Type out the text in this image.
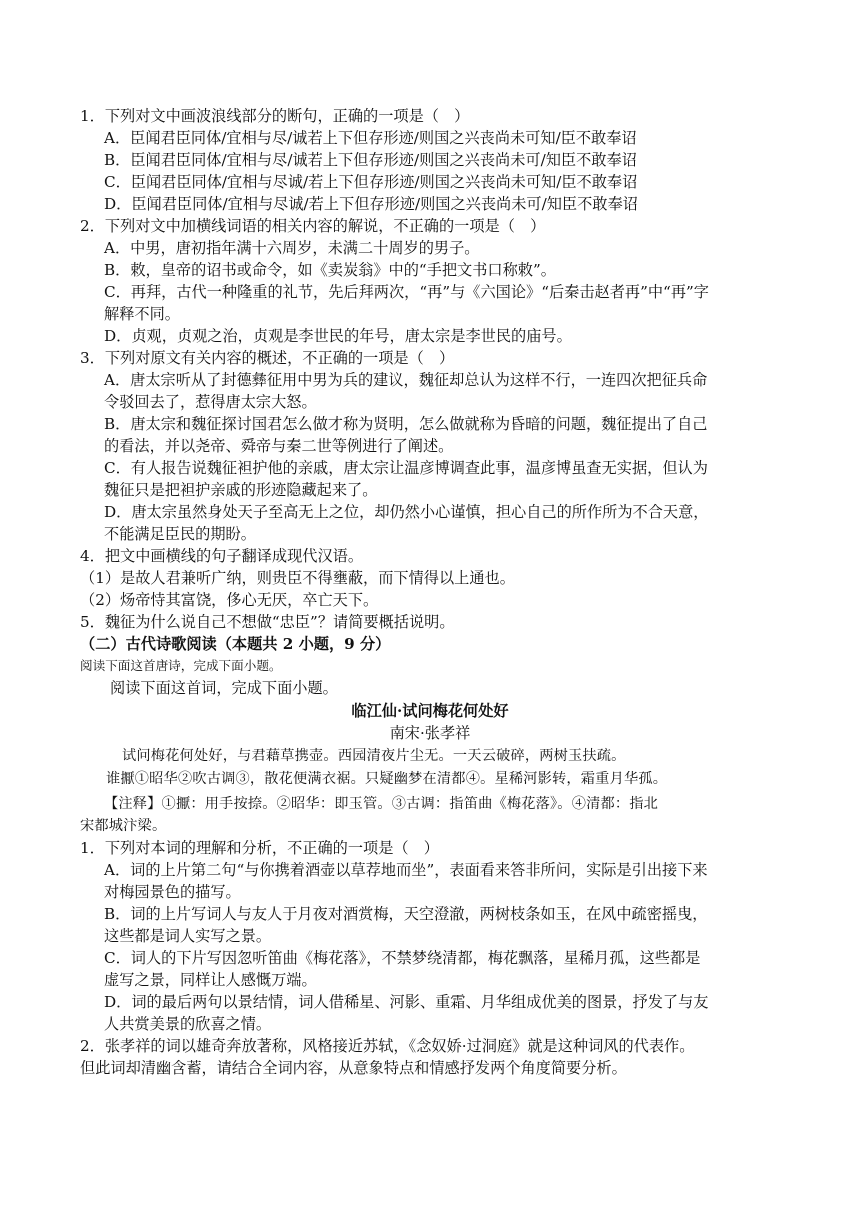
1．下列对文中画波浪线部分的断句，正确的一项是（　）
A．臣闻君臣同体/宜相与尽/诚若上下但存形迹/则国之兴丧尚未可知/臣不敢奉诏
B．臣闻君臣同体/宜相与尽/诚若上下但存形迹/则国之兴丧尚未可/知臣不敢奉诏
C．臣闻君臣同体/宜相与尽诚/若上下但存形迹/则国之兴丧尚未可知/臣不敢奉诏
D．臣闻君臣同体/宜相与尽诚/若上下但存形迹/则国之兴丧尚未可/知臣不敢奉诏
2．下列对文中加横线词语的相关内容的解说，不正确的一项是（　）
A．中男，唐初指年满十六周岁，未满二十周岁的男子。
B．敕，皇帝的诏书或命令，如《卖炭翁》中的“手把文书口称敕”。
C．再拜，古代一种隆重的礼节，先后拜两次，“再”与《六国论》“后秦击赵者再”中“再”字
解释不同。
D．贞观，贞观之治，贞观是李世民的年号，唐太宗是李世民的庙号。
3．下列对原文有关内容的概述，不正确的一项是（　）
A．唐太宗听从了封德彝征用中男为兵的建议，魏征却总认为这样不行，一连四次把征兵命
令驳回去了，惹得唐太宗大怒。
B．唐太宗和魏征探讨国君怎么做才称为贤明，怎么做就称为昏暗的问题，魏征提出了自己
的看法，并以尧帝、舜帝与秦二世等例进行了阐述。
C．有人报告说魏征袒护他的亲戚，唐太宗让温彦博调查此事，温彦博虽查无实据，但认为
魏征只是把袒护亲戚的形迹隐藏起来了。
D．唐太宗虽然身处天子至高无上之位，却仍然小心谨慎，担心自己的所作所为不合天意，
不能满足臣民的期盼。
4．把文中画横线的句子翻译成现代汉语。
（1）是故人君兼听广纳，则贵臣不得壅蔽，而下情得以上通也。
（2）炀帝恃其富饶，侈心无厌，卒亡天下。
5．魏征为什么说自己不想做“忠臣”？请简要概括说明。
（二）古代诗歌阅读（本题共 2 小题，9 分）
阅读下面这首唐诗，完成下面小题。
阅读下面这首词，完成下面小题。
临江仙·试问梅花何处好
南宋·张孝祥
试问梅花何处好，与君藉草携壶。西园清夜片尘无。一天云破碎，两树玉扶疏。
谁擫①昭华②吹古调③，散花便满衣裾。只疑幽梦在清都④。星稀河影转，霜重月华孤。
【注释】①擫：用手按捺。②昭华：即玉管。③古调：指笛曲《梅花落》。④清都：指北
宋都城汴梁。
1．下列对本词的理解和分析，不正确的一项是（　）
A．词的上片第二句“与你携着酒壶以草荐地而坐”，表面看来答非所问，实际是引出接下来
对梅园景色的描写。
B．词的上片写词人与友人于月夜对酒赏梅，天空澄澈，两树枝条如玉，在风中疏密摇曳，
这些都是词人实写之景。
C．词人的下片写因忽听笛曲《梅花落》，不禁梦绕清都，梅花飘落，星稀月孤，这些都是
虚写之景，同样让人感慨万端。
D．词的最后两句以景结情，词人借稀星、河影、重霜、月华组成优美的图景，抒发了与友
人共赏美景的欣喜之情。
2．张孝祥的词以雄奇奔放著称，风格接近苏轼，《念奴娇·过洞庭》就是这种词风的代表作。
但此词却清幽含蓄，请结合全词内容，从意象特点和情感抒发两个角度简要分析。
